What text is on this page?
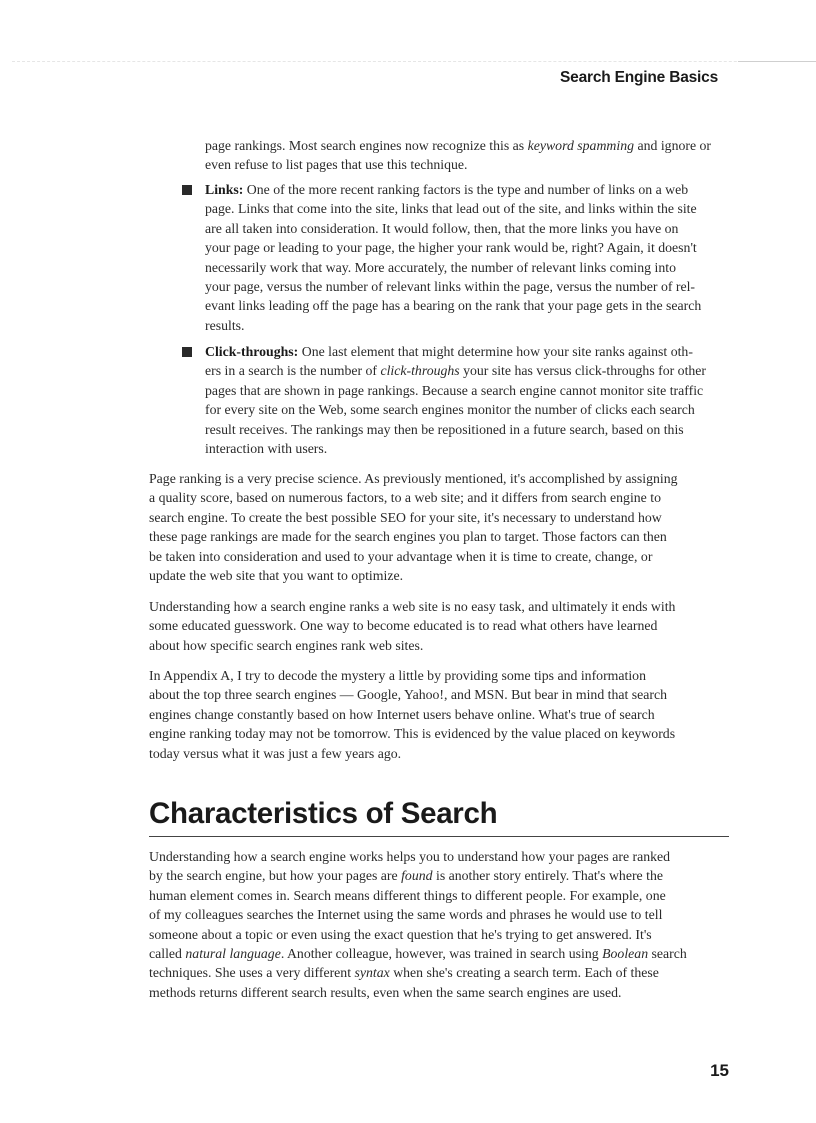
Search Engine Basics

page rankings. Most search engines now recognize this as keyword spamming and ignore or
even refuse to list pages that use this technique.

Links: One of the more recent ranking factors is the type and number of links on a web
page. Links that come into the site, links that lead out of the site, and links within the site
are all taken into consideration. It would follow, then, that the more links you have on
your page or leading to your page, the higher your rank would be, right? Again, it doesn't
necessarily work that way. More accurately, the number of relevant links coming into
your page, versus the number of relevant links within the page, versus the number of rel-
evant links leading off the page has a bearing on the rank that your page gets in the search
results.

Click-throughs: One last element that might determine how your site ranks against oth-
ers in a search is the number of click-throughs your site has versus click-throughs for other
pages that are shown in page rankings. Because a search engine cannot monitor site traffic
for every site on the Web, some search engines monitor the number of clicks each search
result receives. The rankings may then be repositioned in a future search, based on this
interaction with users.

Page ranking is a very precise science. As previously mentioned, it's accomplished by assigning
a quality score, based on numerous factors, to a web site; and it differs from search engine to
search engine. To create the best possible SEO for your site, it's necessary to understand how
these page rankings are made for the search engines you plan to target. Those factors can then
be taken into consideration and used to your advantage when it is time to create, change, or
update the web site that you want to optimize.

Understanding how a search engine ranks a web site is no easy task, and ultimately it ends with
some educated guesswork. One way to become educated is to read what others have learned
about how specific search engines rank web sites.

In Appendix A, I try to decode the mystery a little by providing some tips and information
about the top three search engines — Google, Yahoo!, and MSN. But bear in mind that search
engines change constantly based on how Internet users behave online. What's true of search
engine ranking today may not be tomorrow. This is evidenced by the value placed on keywords
today versus what it was just a few years ago.

Characteristics of Search

Understanding how a search engine works helps you to understand how your pages are ranked
by the search engine, but how your pages are found is another story entirely. That's where the
human element comes in. Search means different things to different people. For example, one
of my colleagues searches the Internet using the same words and phrases he would use to tell
someone about a topic or even using the exact question that he's trying to get answered. It's
called natural language. Another colleague, however, was trained in search using Boolean search
techniques. She uses a very different syntax when she's creating a search term. Each of these
methods returns different search results, even when the same search engines are used.

15
